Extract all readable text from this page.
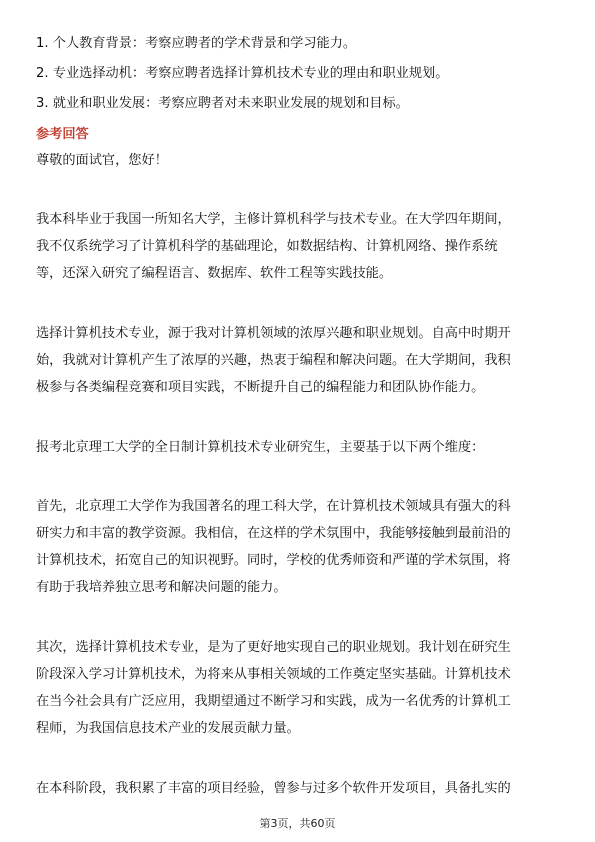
1. 个人教育背景：考察应聘者的学术背景和学习能力。
2. 专业选择动机：考察应聘者选择计算机技术专业的理由和职业规划。
3. 就业和职业发展：考察应聘者对未来职业发展的规划和目标。
参考回答
尊敬的面试官，您好！
我本科毕业于我国一所知名大学，主修计算机科学与技术专业。在大学四年期间，
我不仅系统学习了计算机科学的基础理论，如数据结构、计算机网络、操作系统
等，还深入研究了编程语言、数据库、软件工程等实践技能。
选择计算机技术专业，源于我对计算机领域的浓厚兴趣和职业规划。自高中时期开
始，我就对计算机产生了浓厚的兴趣，热衷于编程和解决问题。在大学期间，我积
极参与各类编程竞赛和项目实践，不断提升自己的编程能力和团队协作能力。
报考北京理工大学的全日制计算机技术专业研究生，主要基于以下两个维度：
首先，北京理工大学作为我国著名的理工科大学，在计算机技术领域具有强大的科
研实力和丰富的教学资源。我相信，在这样的学术氛围中，我能够接触到最前沿的
计算机技术，拓宽自己的知识视野。同时，学校的优秀师资和严谨的学术氛围，将
有助于我培养独立思考和解决问题的能力。
其次，选择计算机技术专业，是为了更好地实现自己的职业规划。我计划在研究生
阶段深入学习计算机技术，为将来从事相关领域的工作奠定坚实基础。计算机技术
在当今社会具有广泛应用，我期望通过不断学习和实践，成为一名优秀的计算机工
程师，为我国信息技术产业的发展贡献力量。
在本科阶段，我积累了丰富的项目经验，曾参与过多个软件开发项目，具备扎实的
第3页，共60页
